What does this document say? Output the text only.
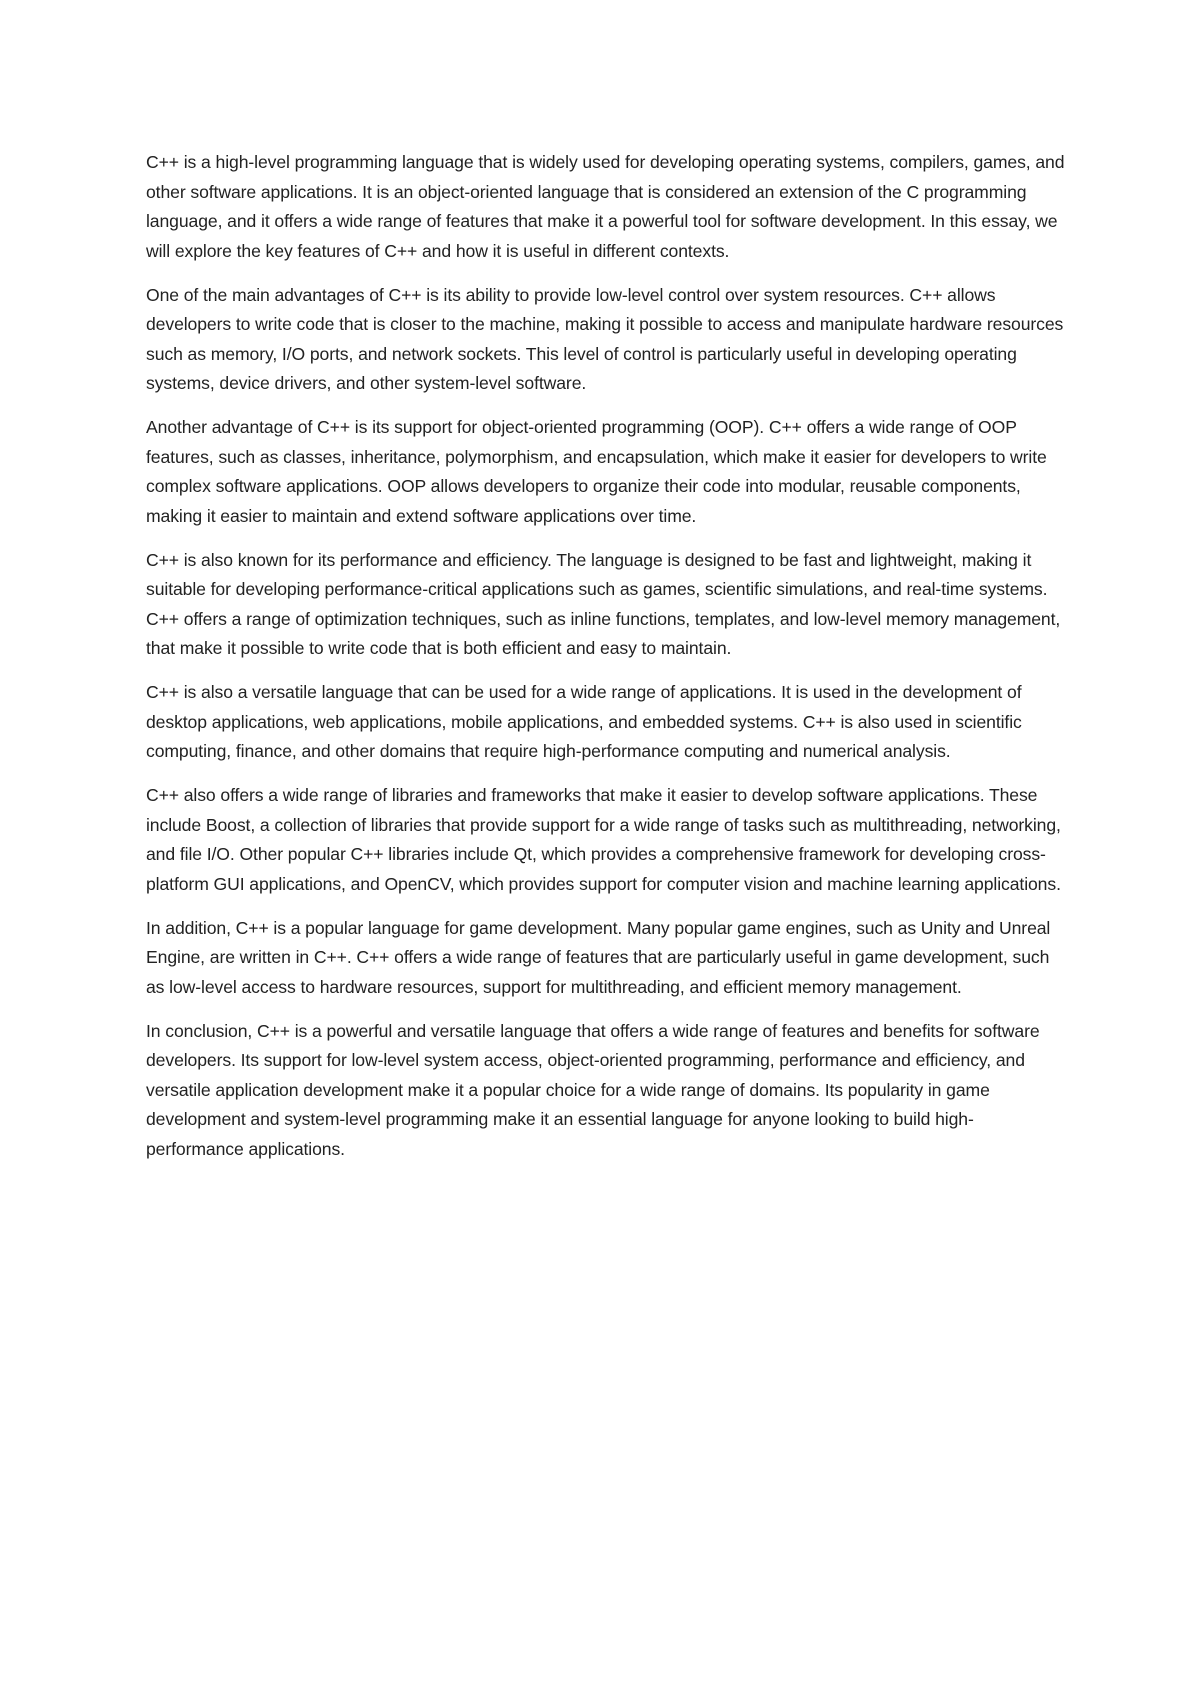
C++ is a high-level programming language that is widely used for developing operating systems, compilers, games, and other software applications. It is an object-oriented language that is considered an extension of the C programming language, and it offers a wide range of features that make it a powerful tool for software development. In this essay, we will explore the key features of C++ and how it is useful in different contexts.

One of the main advantages of C++ is its ability to provide low-level control over system resources. C++ allows developers to write code that is closer to the machine, making it possible to access and manipulate hardware resources such as memory, I/O ports, and network sockets. This level of control is particularly useful in developing operating systems, device drivers, and other system-level software.

Another advantage of C++ is its support for object-oriented programming (OOP). C++ offers a wide range of OOP features, such as classes, inheritance, polymorphism, and encapsulation, which make it easier for developers to write complex software applications. OOP allows developers to organize their code into modular, reusable components, making it easier to maintain and extend software applications over time.

C++ is also known for its performance and efficiency. The language is designed to be fast and lightweight, making it suitable for developing performance-critical applications such as games, scientific simulations, and real-time systems. C++ offers a range of optimization techniques, such as inline functions, templates, and low-level memory management, that make it possible to write code that is both efficient and easy to maintain.

C++ is also a versatile language that can be used for a wide range of applications. It is used in the development of desktop applications, web applications, mobile applications, and embedded systems. C++ is also used in scientific computing, finance, and other domains that require high-performance computing and numerical analysis.

C++ also offers a wide range of libraries and frameworks that make it easier to develop software applications. These include Boost, a collection of libraries that provide support for a wide range of tasks such as multithreading, networking, and file I/O. Other popular C++ libraries include Qt, which provides a comprehensive framework for developing cross-platform GUI applications, and OpenCV, which provides support for computer vision and machine learning applications.

In addition, C++ is a popular language for game development. Many popular game engines, such as Unity and Unreal Engine, are written in C++. C++ offers a wide range of features that are particularly useful in game development, such as low-level access to hardware resources, support for multithreading, and efficient memory management.

In conclusion, C++ is a powerful and versatile language that offers a wide range of features and benefits for software developers. Its support for low-level system access, object-oriented programming, performance and efficiency, and versatile application development make it a popular choice for a wide range of domains. Its popularity in game development and system-level programming make it an essential language for anyone looking to build high-performance applications.
